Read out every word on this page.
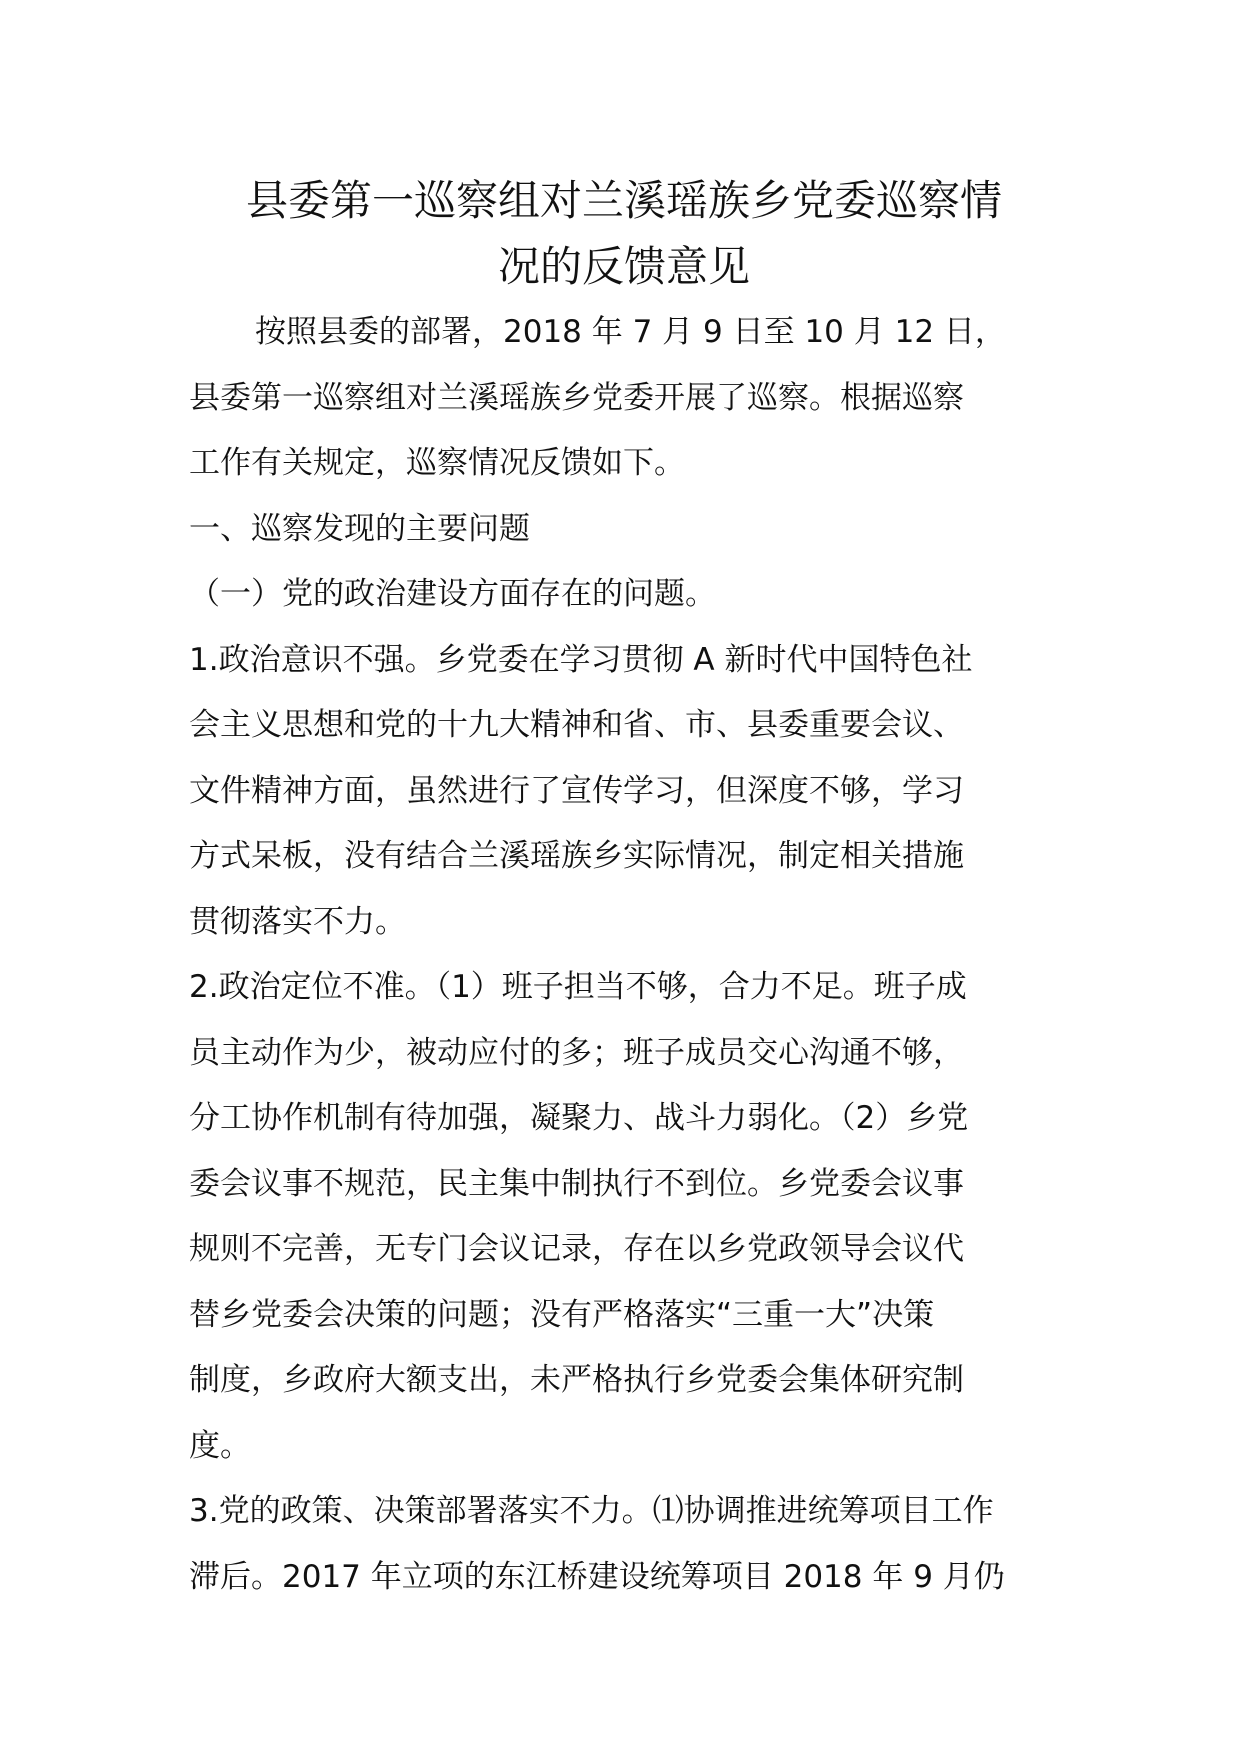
县委第一巡察组对兰溪瑶族乡党委巡察情
况的反馈意见

按照县委的部署，2018 年 7 月 9 日至 10 月 12 日，

县委第一巡察组对兰溪瑶族乡党委开展了巡察。根据巡察

工作有关规定，巡察情况反馈如下。

一、巡察发现的主要问题

（一）党的政治建设方面存在的问题。

1.政治意识不强。乡党委在学习贯彻 A 新时代中国特色社

会主义思想和党的十九大精神和省、市、县委重要会议、

文件精神方面，虽然进行了宣传学习，但深度不够，学习

方式呆板，没有结合兰溪瑶族乡实际情况，制定相关措施

贯彻落实不力。

2.政治定位不准。（1）班子担当不够，合力不足。班子成

员主动作为少，被动应付的多；班子成员交心沟通不够，

分工协作机制有待加强，凝聚力、战斗力弱化。（2）乡党

委会议事不规范，民主集中制执行不到位。乡党委会议事

规则不完善，无专门会议记录，存在以乡党政领导会议代

替乡党委会决策的问题；没有严格落实“三重一大”决策

制度，乡政府大额支出，未严格执行乡党委会集体研究制

度。

3.党的政策、决策部署落实不力。⑴协调推进统筹项目工作

滞后。2017 年立项的东江桥建设统筹项目 2018 年 9 月仍
